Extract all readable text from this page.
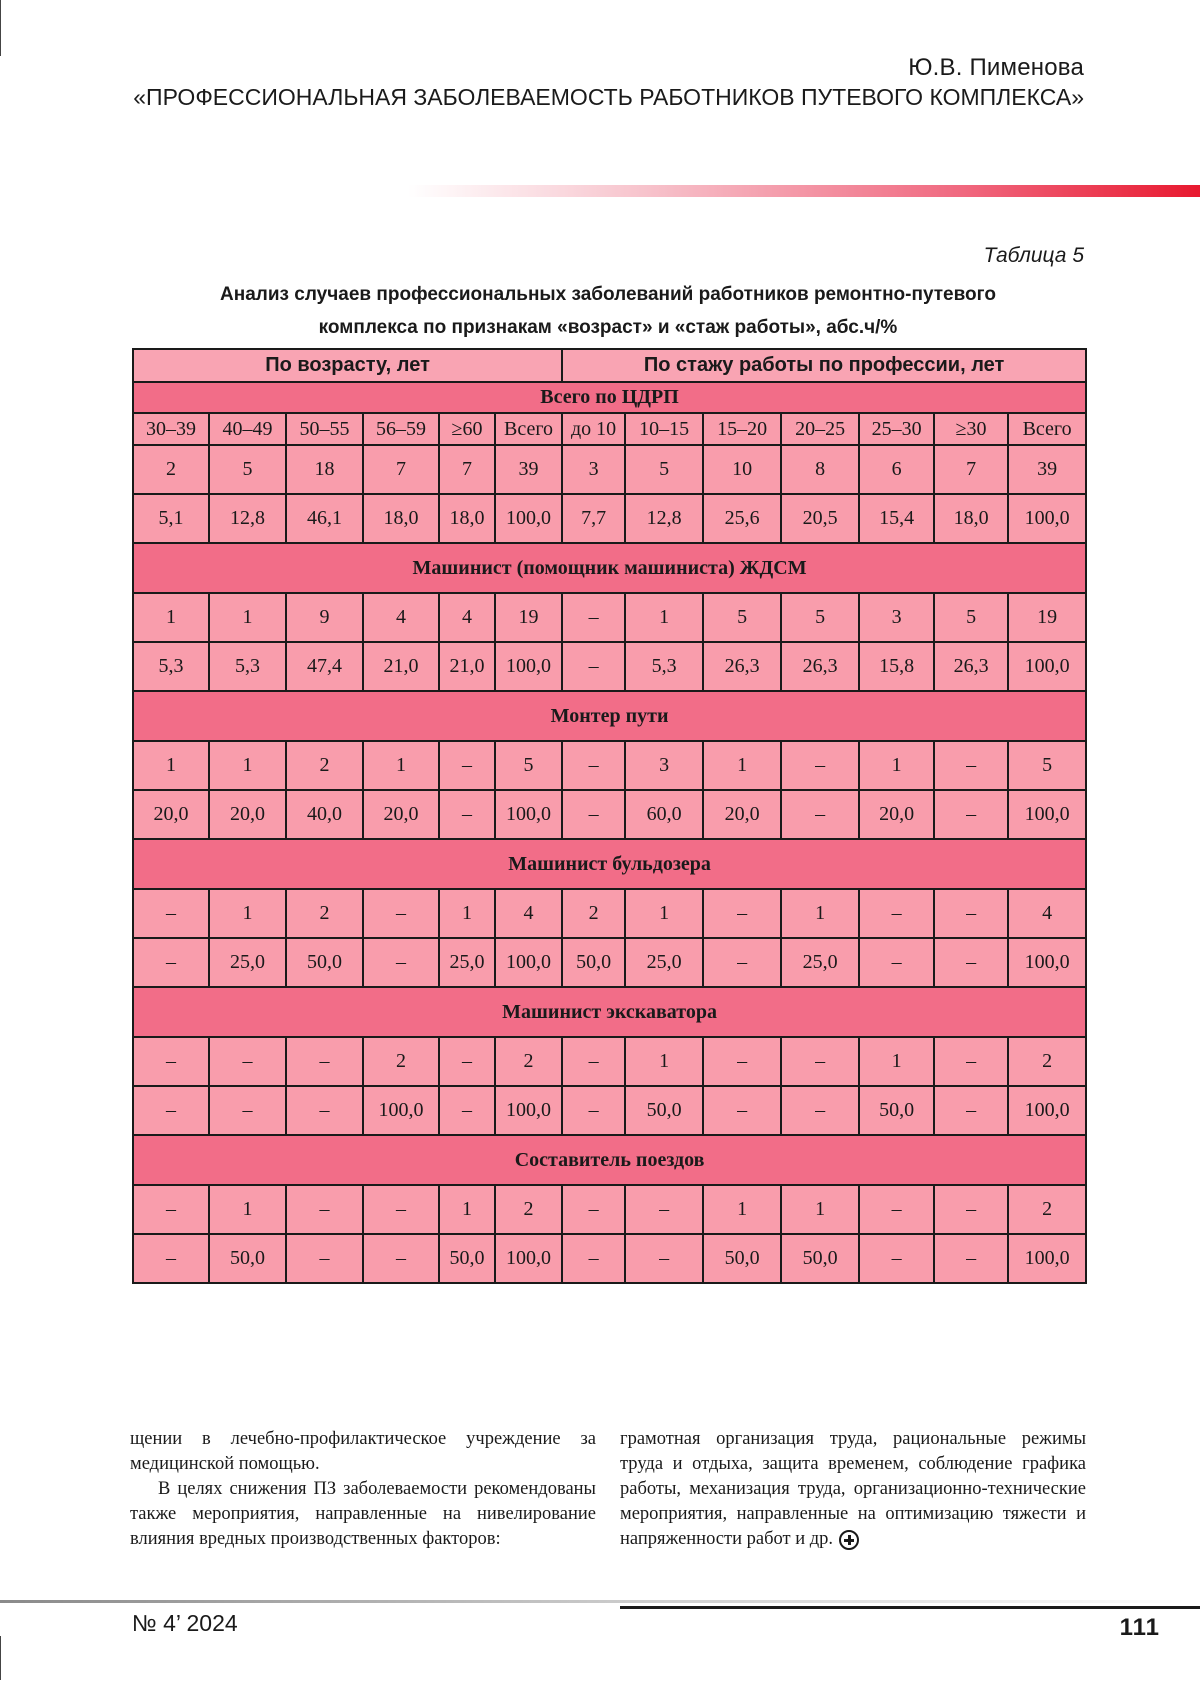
Ю.В. Пименова
«ПРОФЕССИОНАЛЬНАЯ ЗАБОЛЕВАЕМОСТЬ РАБОТНИКОВ ПУТЕВОГО КОМПЛЕКСА»
Таблица 5
Анализ случаев профессиональных заболеваний работников ремонтно-путевого
комплекса по признакам «возраст» и «стаж работы», абс.ч/%
По возрасту, лет						По стажу работы по профессии, лет						
Всего по ЦДРП												
30–39	40–49	50–55	56–59	≥60	Всего	до 10	10–15	15–20	20–25	25–30	≥30	Всего
2	5	18	7	7	39	3	5	10	8	6	7	39
5,1	12,8	46,1	18,0	18,0	100,0	7,7	12,8	25,6	20,5	15,4	18,0	100,0
Машинист (помощник машиниста) ЖДСМ												
1	1	9	4	4	19	–	1	5	5	3	5	19
5,3	5,3	47,4	21,0	21,0	100,0	–	5,3	26,3	26,3	15,8	26,3	100,0
Монтер пути												
1	1	2	1	–	5	–	3	1	–	1	–	5
20,0	20,0	40,0	20,0	–	100,0	–	60,0	20,0	–	20,0	–	100,0
Машинист бульдозера												
–	1	2	–	1	4	2	1	–	1	–	–	4
–	25,0	50,0	–	25,0	100,0	50,0	25,0	–	25,0	–	–	100,0
Машинист экскаватора												
–	–	–	2	–	2	–	1	–	–	1	–	2
–	–	–	100,0	–	100,0	–	50,0	–	–	50,0	–	100,0
Составитель поездов												
–	1	–	–	1	2	–	–	1	1	–	–	2
–	50,0	–	–	50,0	100,0	–	–	50,0	50,0	–	–	100,0

щении в лечебно-профилактическое учреждение за медицинской помощью.

В целях снижения ПЗ заболеваемости рекомендованы также мероприятия, направленные на нивелирование влияния вредных производственных факторов:

грамотная организация труда, рациональные режимы труда и отдыха, защита временем, соблюдение графика работы, механизация труда, организационно-технические мероприятия, направленные на оптимизацию тяжести и напряженности работ и др.

№ 4’ 2024	111
